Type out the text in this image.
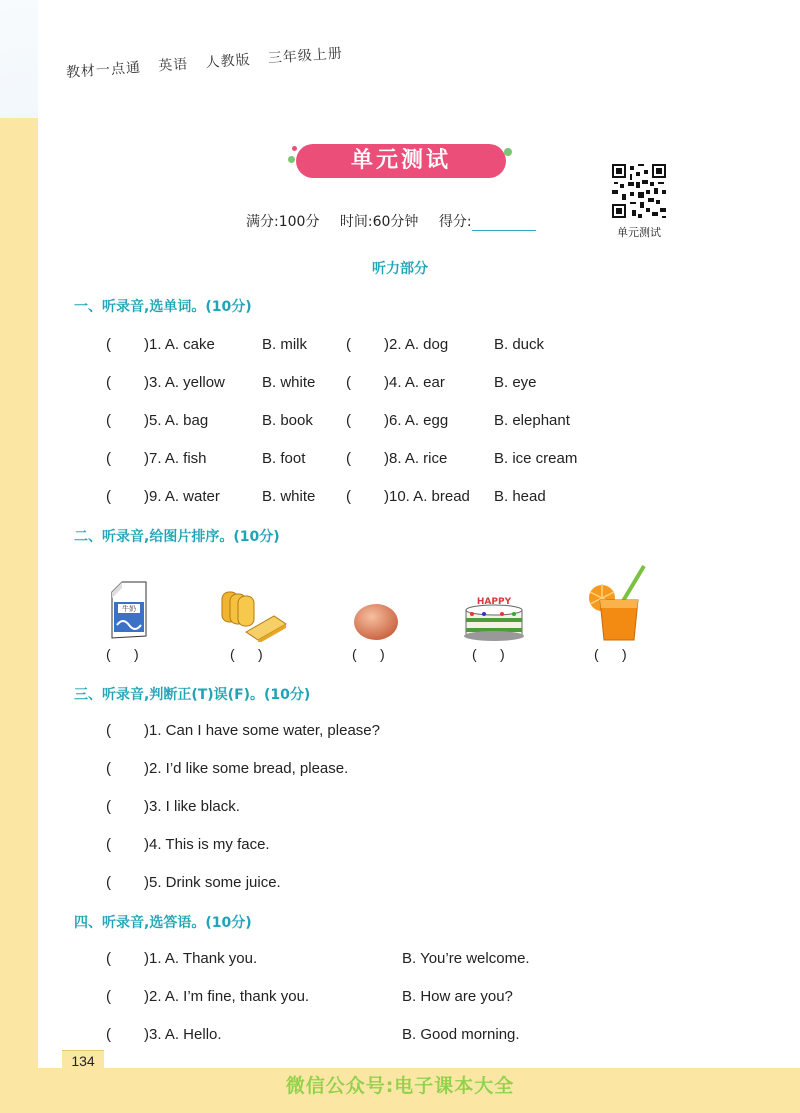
教材一点通 英语 人教版 三年级上册
单元测试
单元测试
满分:100分 时间:60分钟 得分:
听力部分
一、听录音,选单词。(10分)
( )1. A. cake	B. milk	( )2. A. dog	B. duck
( )3. A. yellow B. white ( )4. A. ear	B. eye
( )5. A. bag	B. book ( )6. A. egg	B. elephant
( )7. A. fish	B. foot	( )8. A. rice	B. ice cream
( )9. A. water	B. white ( )10. A. bread B. head
二、听录音,给图片排序。(10分)
牛奶
(      )	(      )	(      )
HAPPY
(      )	(      )
三、听录音,判断正(T)误(F)。(10分)
( )1. Can I have some water, please?
( )2. I’d like some bread, please.
( )3. I like black.
( )4. This is my face.
( )5. Drink some juice.
四、听录音,选答语。(10分)
( )1. A. Thank you.	B. You’re welcome.
( )2. A. I’m fine, thank you.	B. How are you?
( )3. A. Hello.	B. Good morning.
134
微信公众号:电子课本大全
